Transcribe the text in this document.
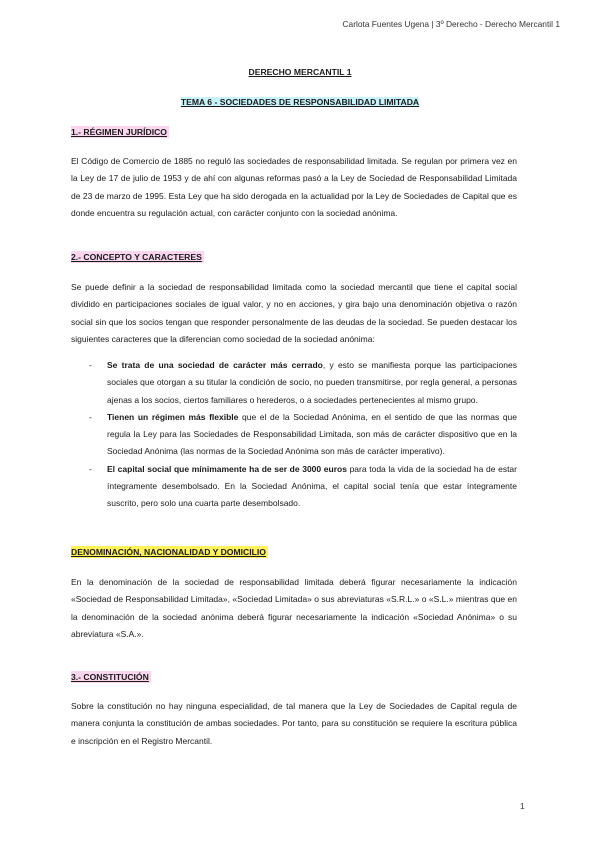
Carlota Fuentes Ugena | 3º Derecho - Derecho Mercantil 1
DERECHO MERCANTIL 1
TEMA 6 - SOCIEDADES DE RESPONSABILIDAD LIMITADA
1.- RÉGIMEN JURÍDICO

El Código de Comercio de 1885 no reguló las sociedades de responsabilidad limitada. Se regulan por primera vez en la Ley de 17 de julio de 1953 y de ahí con algunas reformas pasó a la Ley de Sociedad de Responsabilidad Limitada de 23 de marzo de 1995. Esta Ley que ha sido derogada en la actualidad por la Ley de Sociedades de Capital que es donde encuentra su regulación actual, con carácter conjunto con la sociedad anónima.

2.- CONCEPTO Y CARACTERES

Se puede definir a la sociedad de responsabilidad limitada como la sociedad mercantil que tiene el capital social dividido en participaciones sociales de igual valor, y no en acciones, y gira bajo una denominación objetiva o razón social sin que los socios tengan que responder personalmente de las deudas de la sociedad. Se pueden destacar los siguientes caracteres que la diferencian como sociedad de la sociedad anónima:

- Se trata de una sociedad de carácter más cerrado, y esto se manifiesta porque las participaciones sociales que otorgan a su titular la condición de socio, no pueden transmitirse, por regla general, a personas ajenas a los socios, ciertos familiares o herederos, o a sociedades pertenecientes al mismo grupo.
- Tienen un régimen más flexible que el de la Sociedad Anónima, en el sentido de que las normas que regula la Ley para las Sociedades de Responsabilidad Limitada, son más de carácter dispositivo que en la Sociedad Anónima (las normas de la Sociedad Anónima son más de carácter imperativo).
- El capital social que mínimamente ha de ser de 3000 euros para toda la vida de la sociedad ha de estar íntegramente desembolsado. En la Sociedad Anónima, el capital social tenía que estar íntegramente suscrito, pero solo una cuarta parte desembolsado.
DENOMINACIÓN, NACIONALIDAD Y DOMICILIO

En la denominación de la sociedad de responsabilidad limitada deberá figurar necesariamente la indicación «Sociedad de Responsabilidad Limitada», «Sociedad Limitada» o sus abreviaturas «S.R.L.» o «S.L.» mientras que en la denominación de la sociedad anónima deberá figurar necesariamente la indicación «Sociedad Anónima» o su abreviatura «S.A.».

3.- CONSTITUCIÓN

Sobre la constitución no hay ninguna especialidad, de tal manera que la Ley de Sociedades de Capital regula de manera conjunta la constitución de ambas sociedades. Por tanto, para su constitución se requiere la escritura pública e inscripción en el Registro Mercantil.

1
